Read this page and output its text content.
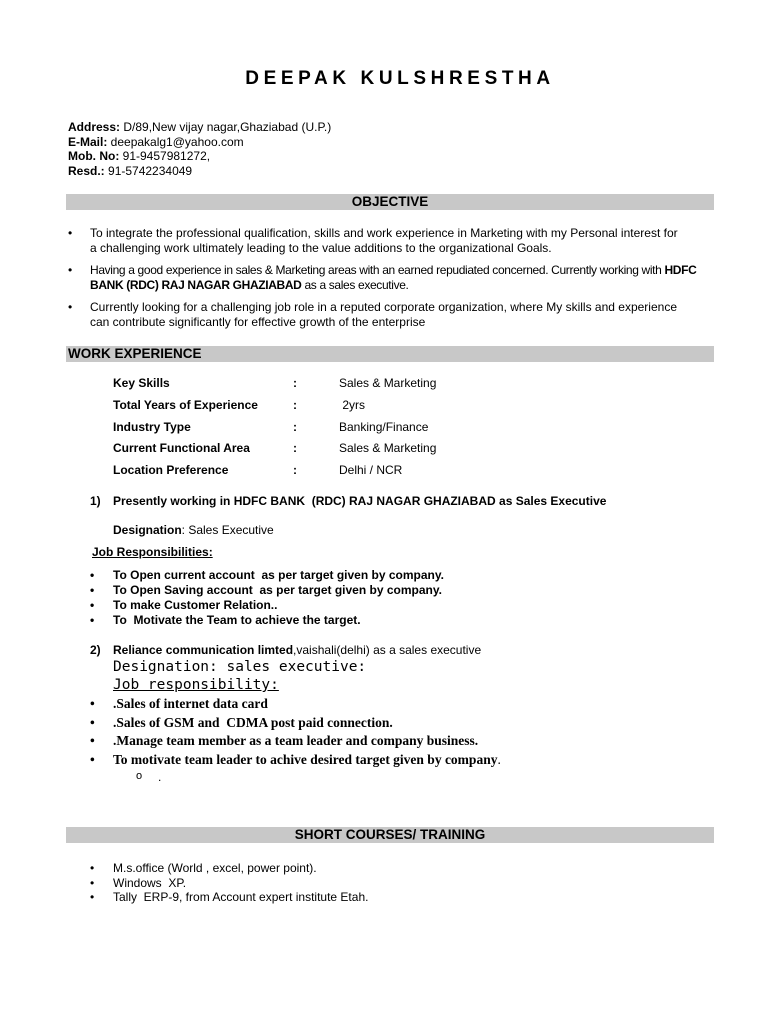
DEEPAK KULSHRESTHA
Address: D/89,New vijay nagar,Ghaziabad (U.P.)
E-Mail: deepakalg1@yahoo.com
Mob. No: 91-9457981272,
Resd.: 91-5742234049
OBJECTIVE
• To integrate the professional qualification, skills and work experience in Marketing with my Personal interest for
a challenging work ultimately leading to the value additions to the organizational Goals.
• Having a good experience in sales & Marketing areas with an earned repudiated concerned. Currently working with HDFC
BANK (RDC) RAJ NAGAR GHAZIABAD as a sales executive.
• Currently looking for a challenging job role in a reputed corporate organization, where My skills and experience
can contribute significantly for effective growth of the enterprise
WORK EXPERIENCE
Key Skills	:	Sales & Marketing
Total Years of Experience	:	2yrs
Industry Type	:	Banking/Finance
Current Functional Area	:	Sales & Marketing
Location Preference	:	Delhi / NCR
1) Presently working in HDFC BANK  (RDC) RAJ NAGAR GHAZIABAD as Sales Executive
Designation: Sales Executive
Job Responsibilities:
• To Open current account  as per target given by company.
• To Open Saving account  as per target given by company.
• To make Customer Relation..
• To  Motivate the Team to achieve the target.
2) Reliance communication limted,vaishali(delhi) as a sales executive
Designation: sales executive:
Job responsibility:
• .Sales of internet data card
• .Sales of GSM and  CDMA post paid connection.
• .Manage team member as a team leader and company business.
• To motivate team leader to achive desired target given by company.
o .
SHORT COURSES/ TRAINING
• M.s.office (World , excel, power point).
• Windows  XP.
• Tally  ERP-9, from Account expert institute Etah.
